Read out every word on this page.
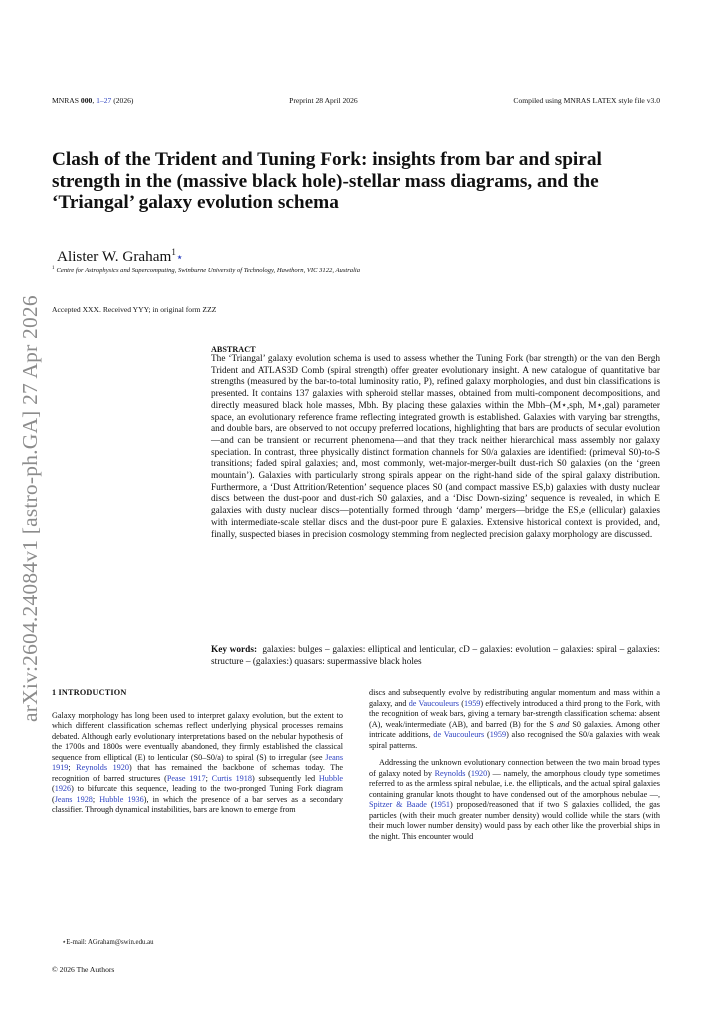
MNRAS 000, 1–27 (2026)	Preprint 28 April 2026	Compiled using MNRAS LATEX style file v3.0
arXiv:2604.24084v1 [astro-ph.GA] 27 Apr 2026
Clash of the Trident and Tuning Fork: insights from bar and spiral strength in the (massive black hole)-stellar mass diagrams, and the ‘Triangal’ galaxy evolution schema
Alister W. Graham$^1$⋆
$^1$ Centre for Astrophysics and Supercomputing, Swinburne University of Technology, Hawthorn, VIC 3122, Australia
Accepted XXX. Received YYY; in original form ZZZ
ABSTRACT

The ‘Triangal’ galaxy evolution schema is used to assess whether the Tuning Fork (bar strength) or the van den Bergh Trident and ATLAS3D Comb (spiral strength) offer greater evolutionary insight. A new catalogue of quantitative bar strengths (measured by the bar-to-total luminosity ratio, P), refined galaxy morphologies, and dust bin classifications is presented. It contains 137 galaxies with spheroid stellar masses, obtained from multi-component decompositions, and directly measured black hole masses, Mbh. By placing these galaxies within the Mbh–(M⋆,sph, M⋆,gal) parameter space, an evolutionary reference frame reflecting integrated growth is established. Galaxies with varying bar strengths, and double bars, are observed to not occupy preferred locations, highlighting that bars are products of secular evolution—and can be transient or recurrent phenomena—and that they track neither hierarchical mass assembly nor galaxy speciation. In contrast, three physically distinct formation channels for S0/a galaxies are identified: (primeval S0)-to-S transitions; faded spiral galaxies; and, most commonly, wet-major-merger-built dust-rich S0 galaxies (on the ‘green mountain’). Galaxies with particularly strong spirals appear on the right-hand side of the spiral galaxy distribution. Furthermore, a ‘Dust Attrition/Retention’ sequence places S0 (and compact massive ES,b) galaxies with dusty nuclear discs between the dust-poor and dust-rich S0 galaxies, and a ‘Disc Down-sizing’ sequence is revealed, in which E galaxies with dusty nuclear discs—potentially formed through ‘damp’ mergers—bridge the ES,e (ellicular) galaxies with intermediate-scale stellar discs and the dust-poor pure E galaxies. Extensive historical context is provided, and, finally, suspected biases in precision cosmology stemming from neglected precision galaxy morphology are discussed.

Key words: galaxies: bulges – galaxies: elliptical and lenticular, cD – galaxies: evolution – galaxies: spiral – galaxies: structure – (galaxies:) quasars: supermassive black holes

1 INTRODUCTION

Galaxy morphology has long been used to interpret galaxy evolution, but the extent to which different classification schemas reflect underlying physical processes remains debated. Although early evolutionary interpretations based on the nebular hypothesis of the 1700s and 1800s were eventually abandoned, they firmly established the classical sequence from elliptical (E) to lenticular (S0–S0/a) to spiral (S) to irregular (see Jeans 1919; Reynolds 1920) that has remained the backbone of schemas today. The recognition of barred structures (Pease 1917; Curtis 1918) subsequently led Hubble (1926) to bifurcate this sequence, leading to the two-pronged Tuning Fork diagram (Jeans 1928; Hubble 1936), in which the presence of a bar serves as a secondary classifier. Through dynamical instabilities, bars are known to emerge from

discs and subsequently evolve by redistributing angular momentum and mass within a galaxy, and de Vaucouleurs (1959) effectively introduced a third prong to the Fork, with the recognition of weak bars, giving a ternary bar-strength classification schema: absent (A), weak/intermediate (AB), and barred (B) for the S and S0 galaxies. Among other intricate additions, de Vaucouleurs (1959) also recognised the S0/a galaxies with weak spiral patterns.

Addressing the unknown evolutionary connection between the two main broad types of galaxy noted by Reynolds (1920) — namely, the amorphous cloudy type sometimes referred to as the armless spiral nebulae, i.e. the ellipticals, and the actual spiral galaxies containing granular knots thought to have condensed out of the amorphous nebulae —, Spitzer & Baade (1951) proposed/reasoned that if two S galaxies collided, the gas particles (with their much greater number density) would collide while the stars (with their much lower number density) would pass by each other like the proverbial ships in the night. This encounter would

⋆E-mail: AGraham@swin.edu.au
© 2026 The Authors
